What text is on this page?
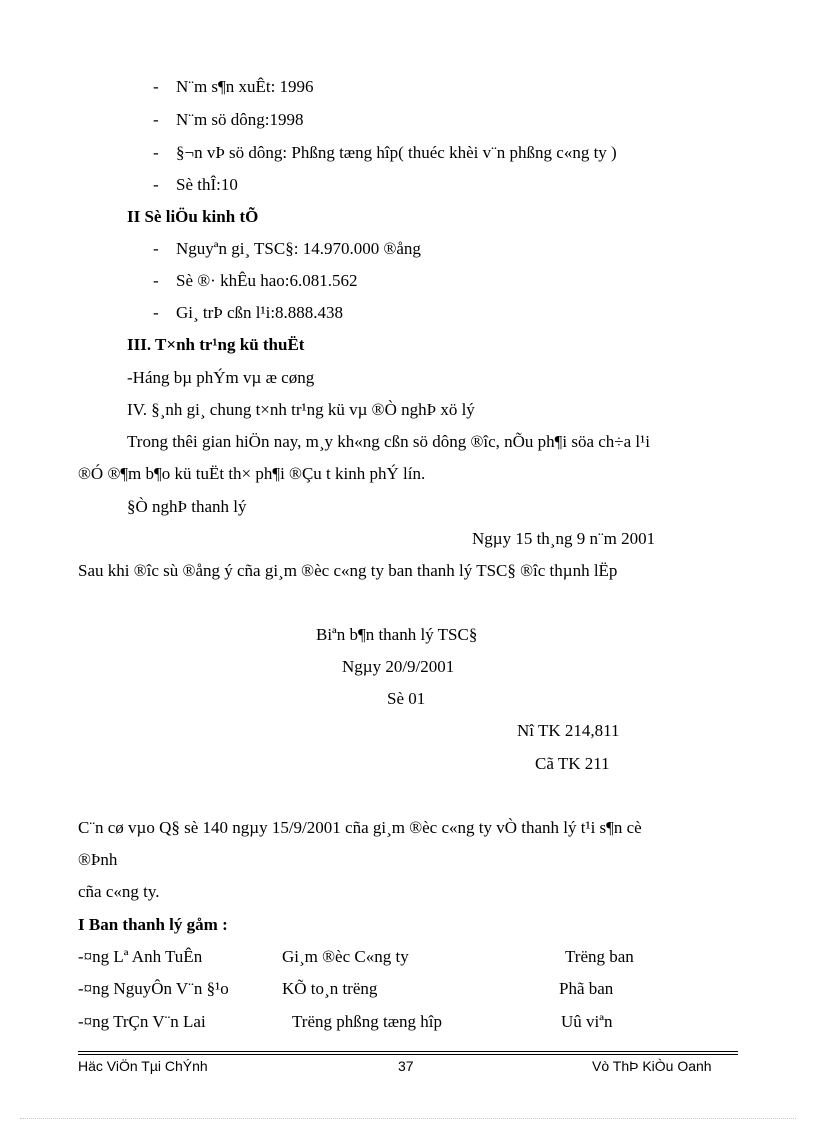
- N¨m s¶n xuÊt: 1996
- N¨m sö dông:1998
- §¬n vÞ sö dông: Phßng tæng hîp( thuéc khèi v¨n phßng c«ng ty )
- Sè thÎ:10
II Sè liÖu kinh tÕ
- Nguyªn gi¸ TSC§: 14.970.000 ®ång
- Sè ®· khÊu hao:6.081.562
- Gi¸ trÞ cßn l¹i:8.888.438
III. T×nh tr¹ng kü thuËt
-Háng bµ phÝm vµ æ cøng
IV. §¸nh gi¸ chung t×nh tr¹ng kü vµ ®Ò nghÞ xö lý
Trong thêi gian hiÖn nay, m¸y kh«ng cßn sö dông ®îc, nÕu ph¶i söa ch÷a l¹i
®Ó ®¶m b¶o kü tuËt th× ph¶i ®Çu t kinh phÝ lín.
§Ò nghÞ thanh lý
Ngµy 15 th¸ng 9 n¨m 2001
Sau khi ®îc sù ®ång ý cña gi¸m ®èc c«ng ty ban thanh lý TSC§ ®îc thµnh lËp
Biªn b¶n thanh lý TSC§
Ngµy 20/9/2001
Sè 01
Nî TK 214,811
Cã TK 211
C¨n cø vµo Q§ sè 140 ngµy 15/9/2001 cña gi¸m ®èc c«ng ty vÒ thanh lý t¹i s¶n cè
®Þnh
cña c«ng ty.
I Ban thanh lý gåm :
-¤ng Lª Anh TuÊn	Gi¸m ®èc C«ng ty	Trëng ban
-¤ng NguyÔn V¨n §¹o	KÕ to¸n trëng	Phã ban
-¤ng TrÇn V¨n Lai	Trëng phßng tæng hîp	Uû viªn
Häc ViÖn Tµi ChÝnh	37	Vò ThÞ KiÒu Oanh
